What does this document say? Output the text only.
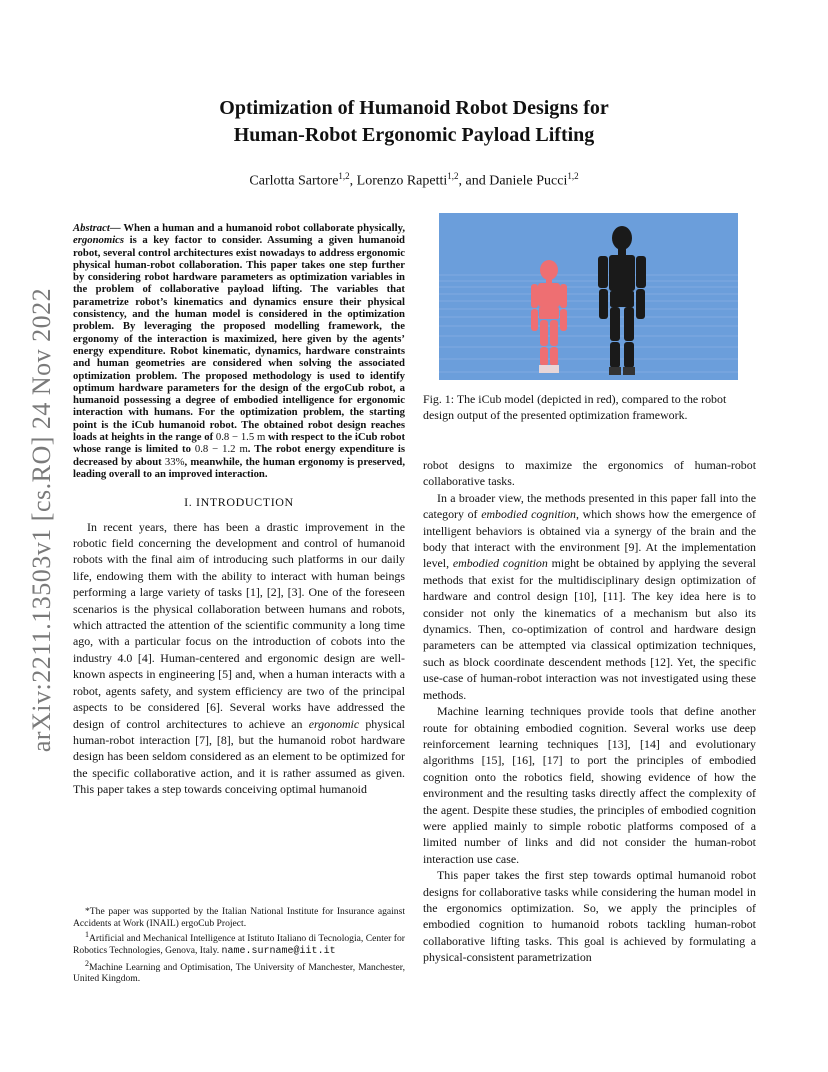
arXiv:2211.13503v1 [cs.RO] 24 Nov 2022
Optimization of Humanoid Robot Designs for
Human-Robot Ergonomic Payload Lifting
Carlotta Sartore$^{1,2}$, Lorenzo Rapetti$^{1,2}$, and Daniele Pucci$^{1,2}$
Abstract— When a human and a humanoid robot collaborate physically, ergonomics is a key factor to consider. Assuming a given humanoid robot, several control architectures exist nowadays to address ergonomic physical human-robot collaboration. This paper takes one step further by considering robot hardware parameters as optimization variables in the problem of collaborative payload lifting. The variables that parametrize robot’s kinematics and dynamics ensure their physical consistency, and the human model is considered in the optimization problem. By leveraging the proposed modelling framework, the ergonomy of the interaction is maximized, here given by the agents’ energy expenditure. Robot kinematic, dynamics, hardware constraints and human geometries are considered when solving the associated optimization problem. The proposed methodology is used to identify optimum hardware parameters for the design of the ergoCub robot, a humanoid possessing a degree of embodied intelligence for ergonomic interaction with humans. For the optimization problem, the starting point is the iCub humanoid robot. The obtained robot design reaches loads at heights in the range of 0.8 − 1.5 m with respect to the iCub robot whose range is limited to 0.8 − 1.2 m. The robot energy expenditure is decreased by about 33%, meanwhile, the human ergonomy is preserved, leading overall to an improved interaction.
I. INTRODUCTION

In recent years, there has been a drastic improvement in the robotic field concerning the development and control of humanoid robots with the final aim of introducing such platforms in our daily life, endowing them with the ability to interact with human beings performing a large variety of tasks [1], [2], [3]. One of the foreseen scenarios is the physical collaboration between humans and robots, which attracted the attention of the scientific community a long time ago, with a particular focus on the introduction of cobots into the industry 4.0 [4]. Human-centered and ergonomic design are well-known aspects in engineering [5] and, when a human interacts with a robot, agents safety, and system efficiency are two of the principal aspects to be considered [6]. Several works have addressed the design of control architectures to achieve an ergonomic physical human-robot interaction [7], [8], but the humanoid robot hardware design has been seldom considered as an element to be optimized for the specific collaborative action, and it is rather assumed as given. This paper takes a step towards conceiving optimal humanoid

*The paper was supported by the Italian National Institute for Insurance against Accidents at Work (INAIL) ergoCub Project.

$^1$Artificial and Mechanical Intelligence at Istituto Italiano di Tecnologia, Center for Robotics Technologies, Genova, Italy. name.surname@iit.it

$^2$Machine Learning and Optimisation, The University of Manchester, Manchester, United Kingdom.

Fig. 1: The iCub model (depicted in red), compared to the robot design output of the presented optimization framework.

robot designs to maximize the ergonomics of human-robot collaborative tasks.

In a broader view, the methods presented in this paper fall into the category of embodied cognition, which shows how the emergence of intelligent behaviors is obtained via a synergy of the brain and the body that interact with the environment [9]. At the implementation level, embodied cognition might be obtained by applying the several methods that exist for the multidisciplinary design optimization of hardware and control design [10], [11]. The key idea here is to consider not only the kinematics of a mechanism but also its dynamics. Then, co-optimization of control and hardware design parameters can be attempted via classical optimization techniques, such as block coordinate descendent methods [12]. Yet, the specific use-case of human-robot interaction was not investigated using these methods.

Machine learning techniques provide tools that define another route for obtaining embodied cognition. Several works use deep reinforcement learning techniques [13], [14] and evolutionary algorithms [15], [16], [17] to port the principles of embodied cognition onto the robotics field, showing evidence of how the environment and the resulting tasks directly affect the complexity of the agent. Despite these studies, the principles of embodied cognition were applied mainly to simple robotic platforms composed of a limited number of links and did not consider the human-robot interaction use case.

This paper takes the first step towards optimal humanoid robot designs for collaborative tasks while considering the human model in the ergonomics optimization. So, we apply the principles of embodied cognition to humanoid robots tackling human-robot collaborative lifting tasks. This goal is achieved by formulating a physical-consistent parametrization
